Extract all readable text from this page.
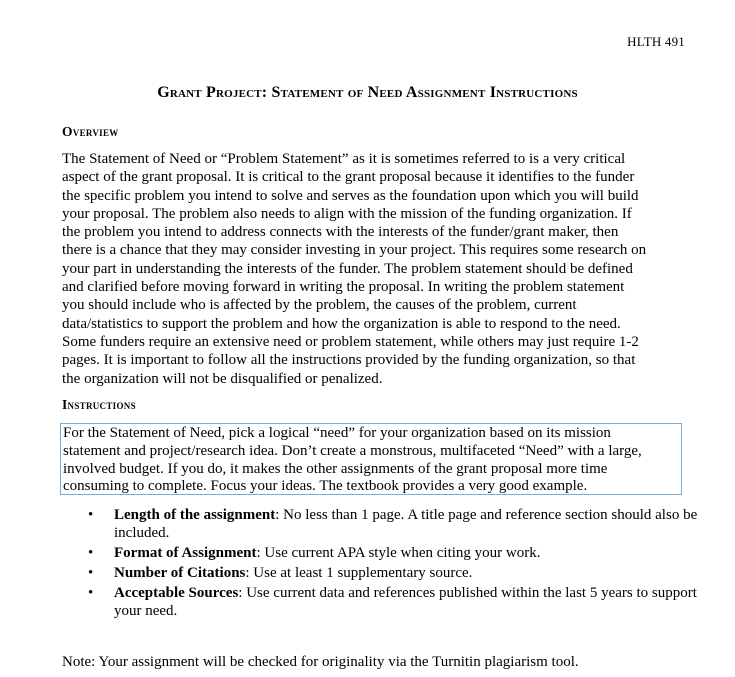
HLTH 491
Grant Project: Statement of Need Assignment Instructions
Overview
The Statement of Need or “Problem Statement” as it is sometimes referred to is a very critical
aspect of the grant proposal. It is critical to the grant proposal because it identifies to the funder
the specific problem you intend to solve and serves as the foundation upon which you will build
your proposal. The problem also needs to align with the mission of the funding organization. If
the problem you intend to address connects with the interests of the funder/grant maker, then
there is a chance that they may consider investing in your project. This requires some research on
your part in understanding the interests of the funder. The problem statement should be defined
and clarified before moving forward in writing the proposal. In writing the problem statement
you should include who is affected by the problem, the causes of the problem, current
data/statistics to support the problem and how the organization is able to respond to the need.
Some funders require an extensive need or problem statement, while others may just require 1-2
pages. It is important to follow all the instructions provided by the funding organization, so that
the organization will not be disqualified or penalized.
Instructions
For the Statement of Need, pick a logical “need” for your organization based on its mission
statement and project/research idea. Don’t create a monstrous, multifaceted “Need” with a large,
involved budget. If you do, it makes the other assignments of the grant proposal more time
consuming to complete. Focus your ideas. The textbook provides a very good example.
• Length of the assignment: No less than 1 page. A title page and reference section should also be included.
• Format of Assignment: Use current APA style when citing your work.
• Number of Citations: Use at least 1 supplementary source.
• Acceptable Sources: Use current data and references published within the last 5 years to support your need.
Note: Your assignment will be checked for originality via the Turnitin plagiarism tool.
